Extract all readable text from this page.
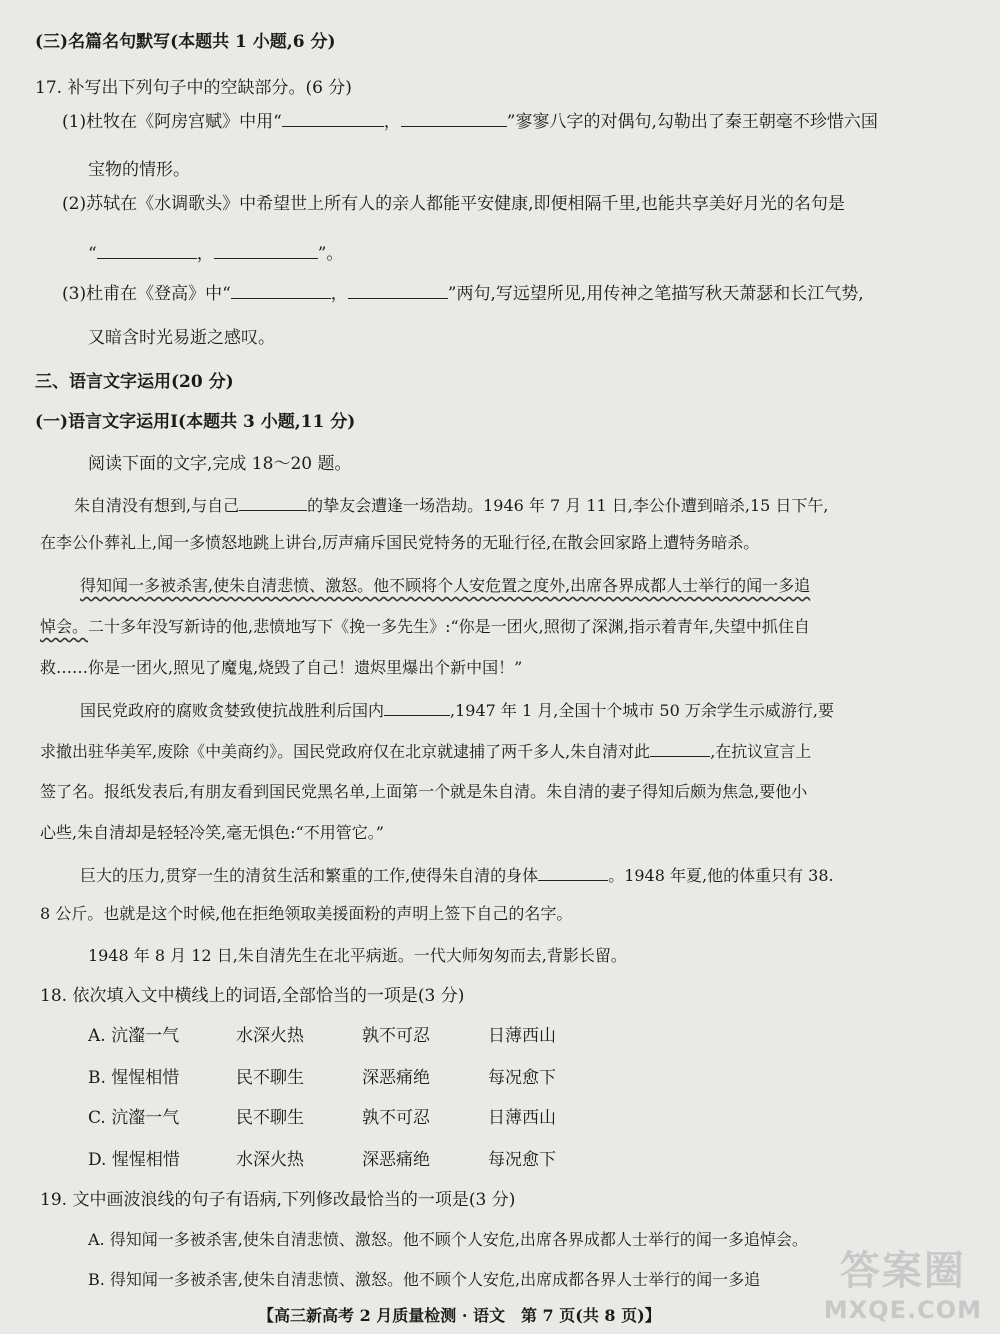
(三)名篇名句默写(本题共 1 小题,6 分)
17. 补写出下列句子中的空缺部分。(6 分)
(1)杜牧在《阿房宫赋》中用“	，	”寥寥八字的对偶句,勾勒出了秦王朝毫不珍惜六国
宝物的情形。
(2)苏轼在《水调歌头》中希望世上所有人的亲人都能平安健康,即便相隔千里,也能共享美好月光的名句是
“	，	”。
(3)杜甫在《登高》中“	，	”两句,写远望所见,用传神之笔描写秋天萧瑟和长江气势,
又暗含时光易逝之感叹。
三、语言文字运用(20 分)
(一)语言文字运用Ⅰ(本题共 3 小题,11 分)
阅读下面的文字,完成 18～20 题。
朱自清没有想到,与自己	的挚友会遭逢一场浩劫。1946 年 7 月 11 日,李公仆遭到暗杀,15 日下午,
在李公仆葬礼上,闻一多愤怒地跳上讲台,厉声痛斥国民党特务的无耻行径,在散会回家路上遭特务暗杀。
得知闻一多被杀害,使朱自清悲愤、激怒。他不顾将个人安危置之度外,出席各界成都人士举行的闻一多追
悼会。二十多年没写新诗的他,悲愤地写下《挽一多先生》:“你是一团火,照彻了深渊,指示着青年,失望中抓住自
救……你是一团火,照见了魔鬼,烧毁了自己！遗烬里爆出个新中国！”
国民党政府的腐败贪婪致使抗战胜利后国内	,1947 年 1 月,全国十个城市 50 万余学生示威游行,要
求撤出驻华美军,废除《中美商约》。国民党政府仅在北京就逮捕了两千多人,朱自清对此	,在抗议宣言上
签了名。报纸发表后,有朋友看到国民党黑名单,上面第一个就是朱自清。朱自清的妻子得知后颇为焦急,要他小
心些,朱自清却是轻轻冷笑,毫无惧色:“不用管它。”
巨大的压力,贯穿一生的清贫生活和繁重的工作,使得朱自清的身体	。1948 年夏,他的体重只有 38.
8 公斤。也就是这个时候,他在拒绝领取美援面粉的声明上签下自己的名字。
1948 年 8 月 12 日,朱自清先生在北平病逝。一代大师匆匆而去,背影长留。
18. 依次填入文中横线上的词语,全部恰当的一项是(3 分)
A. 沆瀣一气	水深火热	孰不可忍	日薄西山
B. 惺惺相惜	民不聊生	深恶痛绝	每况愈下
C. 沆瀣一气	民不聊生	孰不可忍	日薄西山
D. 惺惺相惜	水深火热	深恶痛绝	每况愈下
19. 文中画波浪线的句子有语病,下列修改最恰当的一项是(3 分)
A. 得知闻一多被杀害,使朱自清悲愤、激怒。他不顾个人安危,出席各界成都人士举行的闻一多追悼会。
B. 得知闻一多被杀害,使朱自清悲愤、激怒。他不顾个人安危,出席成都各界人士举行的闻一多追
【高三新高考 2 月质量检测 · 语文　第 7 页(共 8 页)】
答案圈
MXQE.COM
